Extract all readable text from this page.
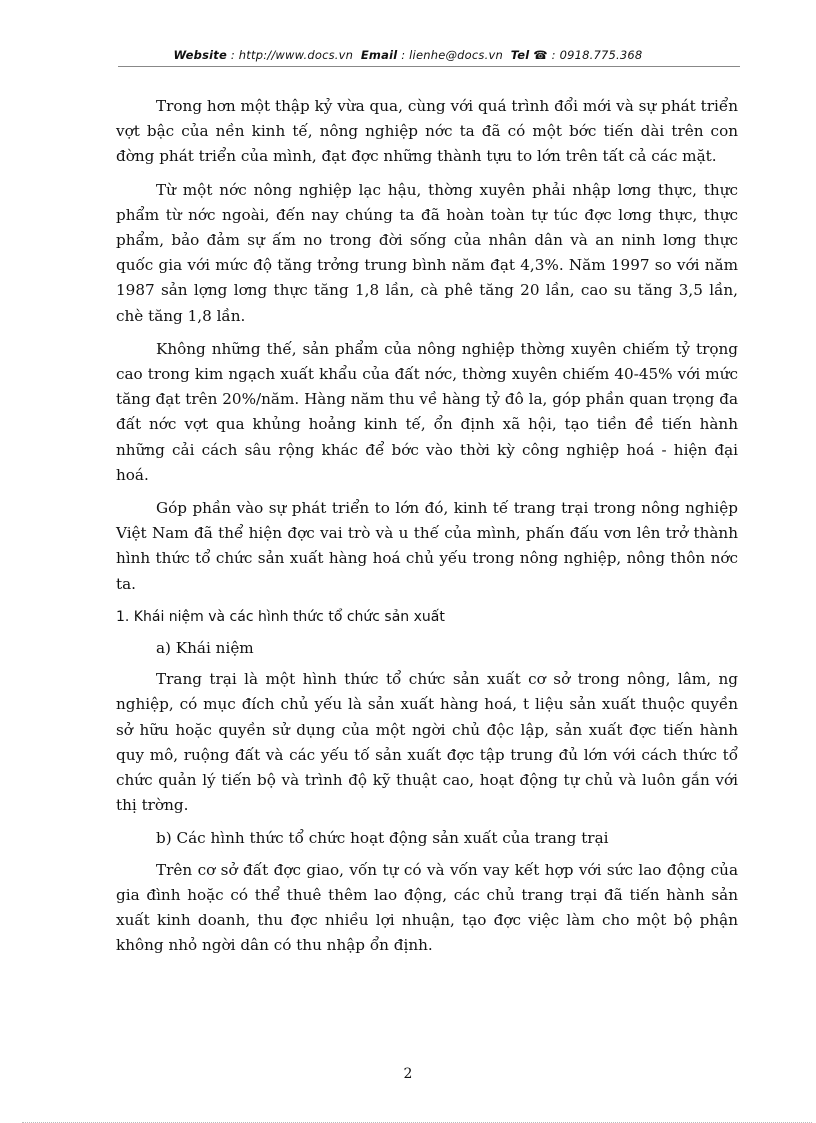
Website : http://www.docs.vn Email : lienhe@docs.vn Tel ☎ : 0918.775.368

Trong hơn một thập kỷ vừa qua, cùng với quá trình đổi mới và sự phát triển vợt bậc của nền kinh tế, nông nghiệp nớc ta đã có một bớc tiến dài trên con đờng phát triển của mình, đạt đợc những thành tựu to lớn trên tất cả các mặt.

Từ một nớc nông nghiệp lạc hậu, thờng xuyên phải nhập lơng thực, thực phẩm từ nớc ngoài, đến nay chúng ta đã hoàn toàn tự túc đợc lơng thực, thực phẩm, bảo đảm sự ấm no trong đời sống của nhân dân và an ninh lơng thực quốc gia với mức độ tăng trởng trung bình năm đạt 4,3%. Năm 1997 so với năm 1987 sản lợng lơng thực tăng 1,8 lần, cà phê tăng 20 lần, cao su tăng 3,5 lần, chè tăng 1,8 lần.

Không những thế, sản phẩm của nông nghiệp thờng xuyên chiếm tỷ trọng cao trong kim ngạch xuất khẩu của đất nớc, thờng xuyên chiếm 40-45% với mức tăng đạt trên 20%/năm. Hàng năm thu về hàng tỷ đô la, góp phần quan trọng đa đất nớc vợt qua khủng hoảng kinh tế, ổn định xã hội, tạo tiền đề tiến hành những cải cách sâu rộng khác để bớc vào thời kỳ công nghiệp hoá - hiện đại hoá.

Góp phần vào sự phát triển to lớn đó, kinh tế trang trại trong nông nghiệp Việt Nam đã thể hiện đợc vai trò và u thế của mình, phấn đấu vơn lên trở thành hình thức tổ chức sản xuất hàng hoá chủ yếu trong nông nghiệp, nông thôn nớc ta.

1. Khái niệm và các hình thức tổ chức sản xuất
a) Khái niệm

Trang trại là một hình thức tổ chức sản xuất cơ sở trong nông, lâm, ng nghiệp, có mục đích chủ yếu là sản xuất hàng hoá, t liệu sản xuất thuộc quyền sở hữu hoặc quyền sử dụng của một ngời chủ độc lập, sản xuất đợc tiến hành quy mô, ruộng đất và các yếu tố sản xuất đợc tập trung đủ lớn với cách thức tổ chức quản lý tiến bộ và trình độ kỹ thuật cao, hoạt động tự chủ và luôn gắn với thị trờng.

b) Các hình thức tổ chức hoạt động sản xuất của trang trại

Trên cơ sở đất đợc giao, vốn tự có và vốn vay kết hợp với sức lao động của gia đình hoặc có thể thuê thêm lao động, các chủ trang trại đã tiến hành sản xuất kinh doanh, thu đợc nhiều lợi nhuận, tạo đợc việc làm cho một bộ phận không nhỏ ngời dân có thu nhập ổn định.

2
